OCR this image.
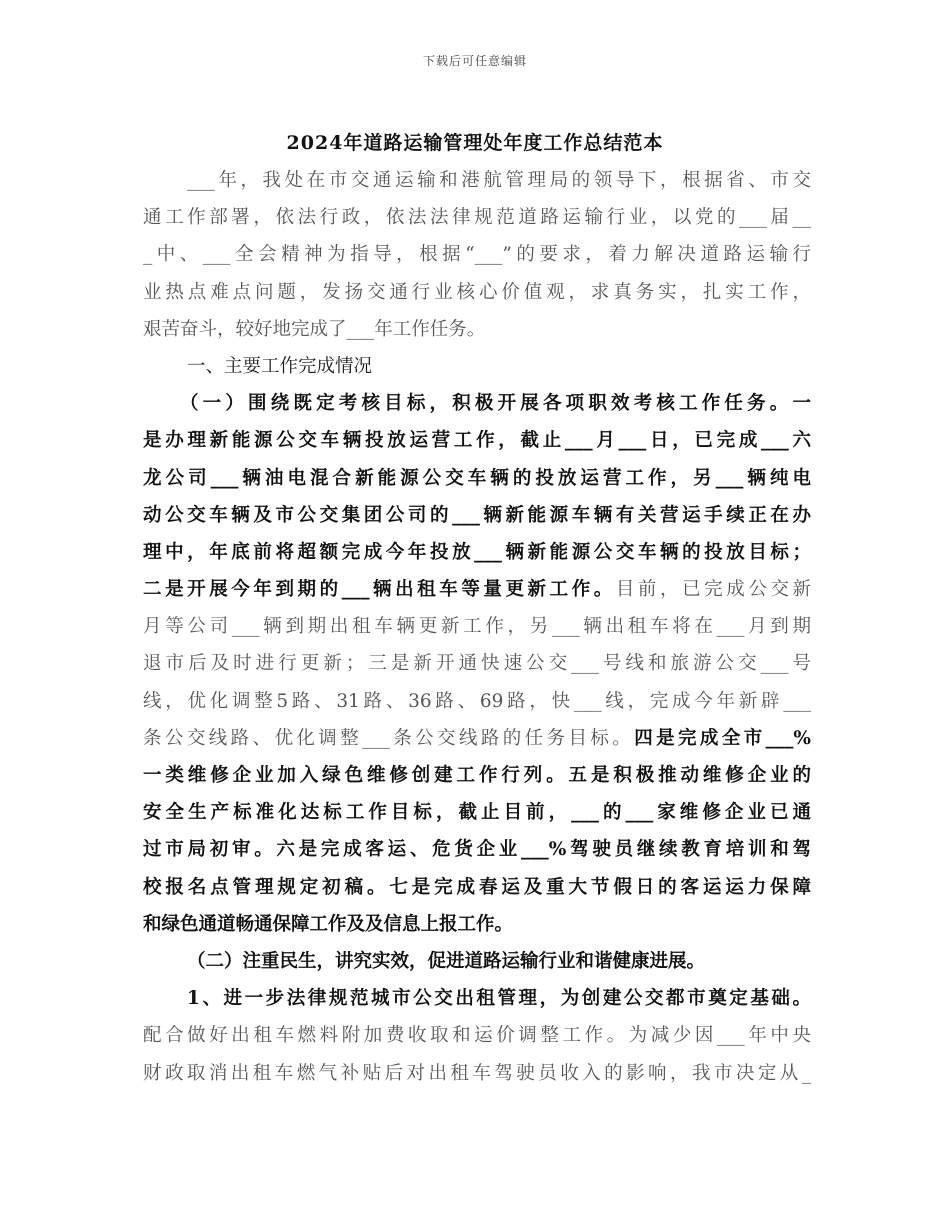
下载后可任意编辑
2024年道路运输管理处年度工作总结范本
___年，我处在市交通运输和港航管理局的领导下，根据省、市交
通工作部署，依法行政，依法法律规范道路运输行业，以党的___届__
_中、___全会精神为指导，根据“___”的要求，着力解决道路运输行
业热点难点问题，发扬交通行业核心价值观，求真务实，扎实工作，
艰苦奋斗，较好地完成了___年工作任务。
一、主要工作完成情况
（一）围绕既定考核目标，积极开展各项职效考核工作任务。一
是办理新能源公交车辆投放运营工作，截止___月___日，已完成___六
龙公司___辆油电混合新能源公交车辆的投放运营工作，另___辆纯电
动公交车辆及市公交集团公司的___辆新能源车辆有关营运手续正在办
理中，年底前将超额完成今年投放___辆新能源公交车辆的投放目标；
二是开展今年到期的___辆出租车等量更新工作。目前，已完成公交新
月等公司___辆到期出租车辆更新工作，另___辆出租车将在___月到期
退市后及时进行更新；三是新开通快速公交___号线和旅游公交___号
线，优化调整5路、31路、36路、69路，快___线，完成今年新辟___
条公交线路、优化调整___条公交线路的任务目标。四是完成全市___%
一类维修企业加入绿色维修创建工作行列。五是积极推动维修企业的
安全生产标准化达标工作目标，截止目前，___的___家维修企业已通
过市局初审。六是完成客运、危货企业___%驾驶员继续教育培训和驾
校报名点管理规定初稿。七是完成春运及重大节假日的客运运力保障
和绿色通道畅通保障工作及及信息上报工作。
（二）注重民生，讲究实效，促进道路运输行业和谐健康进展。
1、进一步法律规范城市公交出租管理，为创建公交都市奠定基础。
配合做好出租车燃料附加费收取和运价调整工作。为减少因___年中央
财政取消出租车燃气补贴后对出租车驾驶员收入的影响，我市决定从_
